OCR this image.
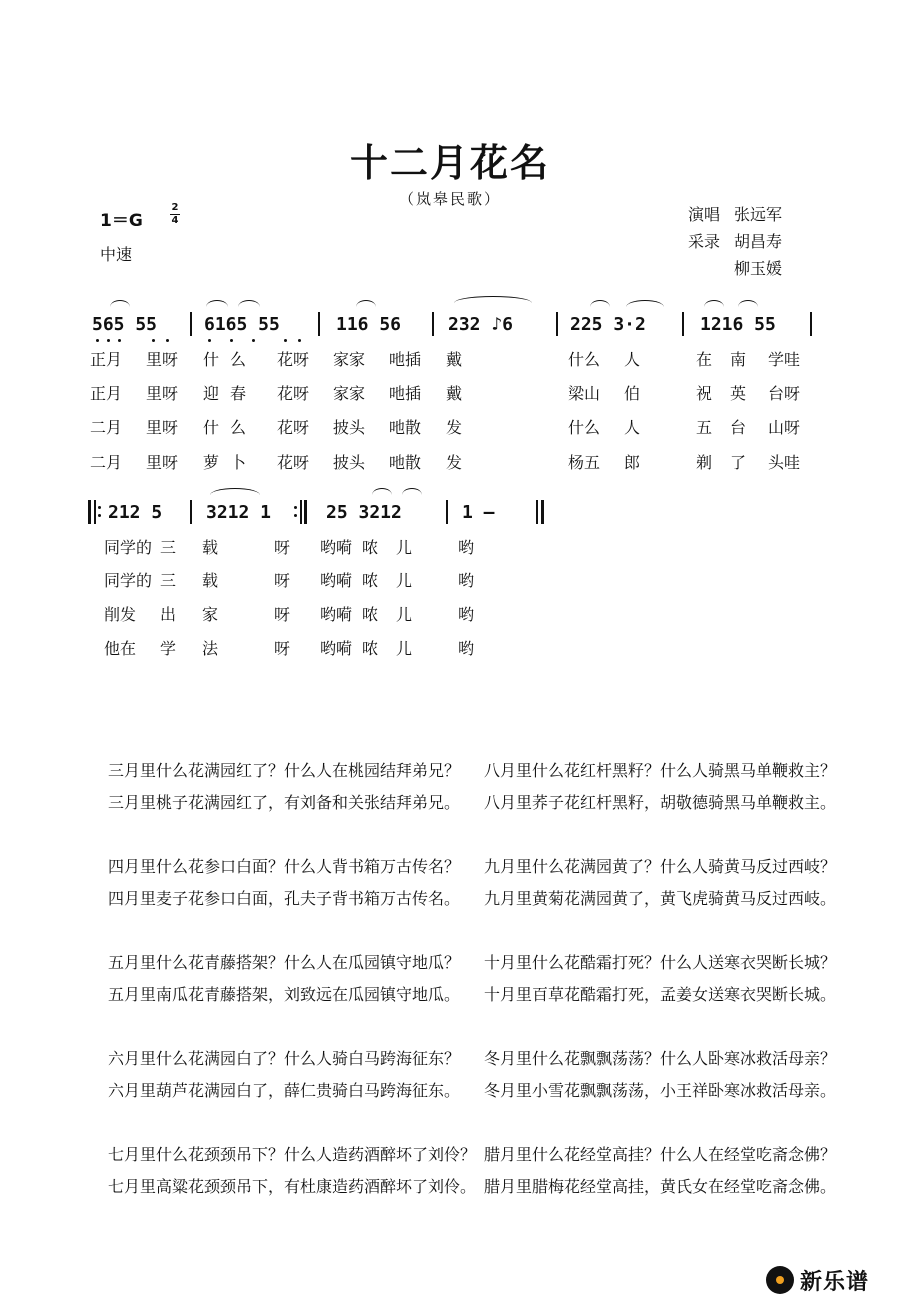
十二月花名
（岚皋民歌）
1＝G
2
4
中速
演唱 张远军
采录 胡昌寿
柳玉媛
565 55	6165 55	116 56	232 ♪6	225 3·2	1216 55
正月 里呀 什 么 花呀 家家 吔插 戴	什么 人	在 南 学哇
正月 里呀 迎 春 花呀 家家 吔插 戴	梁山 伯	祝 英 台呀
二月 里呀 什 么 花呀 披头 吔散 发	什么 人	五 台 山呀
二月 里呀 萝 卜 花呀 披头 吔散 发	杨五 郎	剃 了 头哇
212 5 3212 1	25 3212	1 –
同学的 三 载	呀 哟嗬 哝 儿	哟
同学的 三 载	呀 哟嗬 哝 儿	哟
削发 出 家	呀 哟嗬 哝 儿	哟
他在 学 法	呀 哟嗬 哝 儿	哟
三月里什么花满园红了？什么人在桃园结拜弟兄？
三月里桃子花满园红了，有刘备和关张结拜弟兄。
四月里什么花参口白面？什么人背书箱万古传名？
四月里麦子花参口白面，孔夫子背书箱万古传名。
五月里什么花青藤搭架？什么人在瓜园镇守地瓜？
五月里南瓜花青藤搭架，刘致远在瓜园镇守地瓜。
六月里什么花满园白了？什么人骑白马跨海征东？
六月里葫芦花满园白了，薛仁贵骑白马跨海征东。
七月里什么花颈颈吊下？什么人造药酒醉坏了刘伶？
七月里高粱花颈颈吊下，有杜康造药酒醉坏了刘伶。
八月里什么花红杆黑籽？什么人骑黑马单鞭救主？
八月里荞子花红杆黑籽，胡敬德骑黑马单鞭救主。
九月里什么花满园黄了？什么人骑黄马反过西岐？
九月里黄菊花满园黄了，黄飞虎骑黄马反过西岐。
十月里什么花酷霜打死？什么人送寒衣哭断长城？
十月里百草花酷霜打死，孟姜女送寒衣哭断长城。
冬月里什么花飘飘荡荡？什么人卧寒冰救活母亲？
冬月里小雪花飘飘荡荡，小王祥卧寒冰救活母亲。
腊月里什么花经堂高挂？什么人在经堂吃斋念佛？
腊月里腊梅花经堂高挂，黄氏女在经堂吃斋念佛。
新乐谱
